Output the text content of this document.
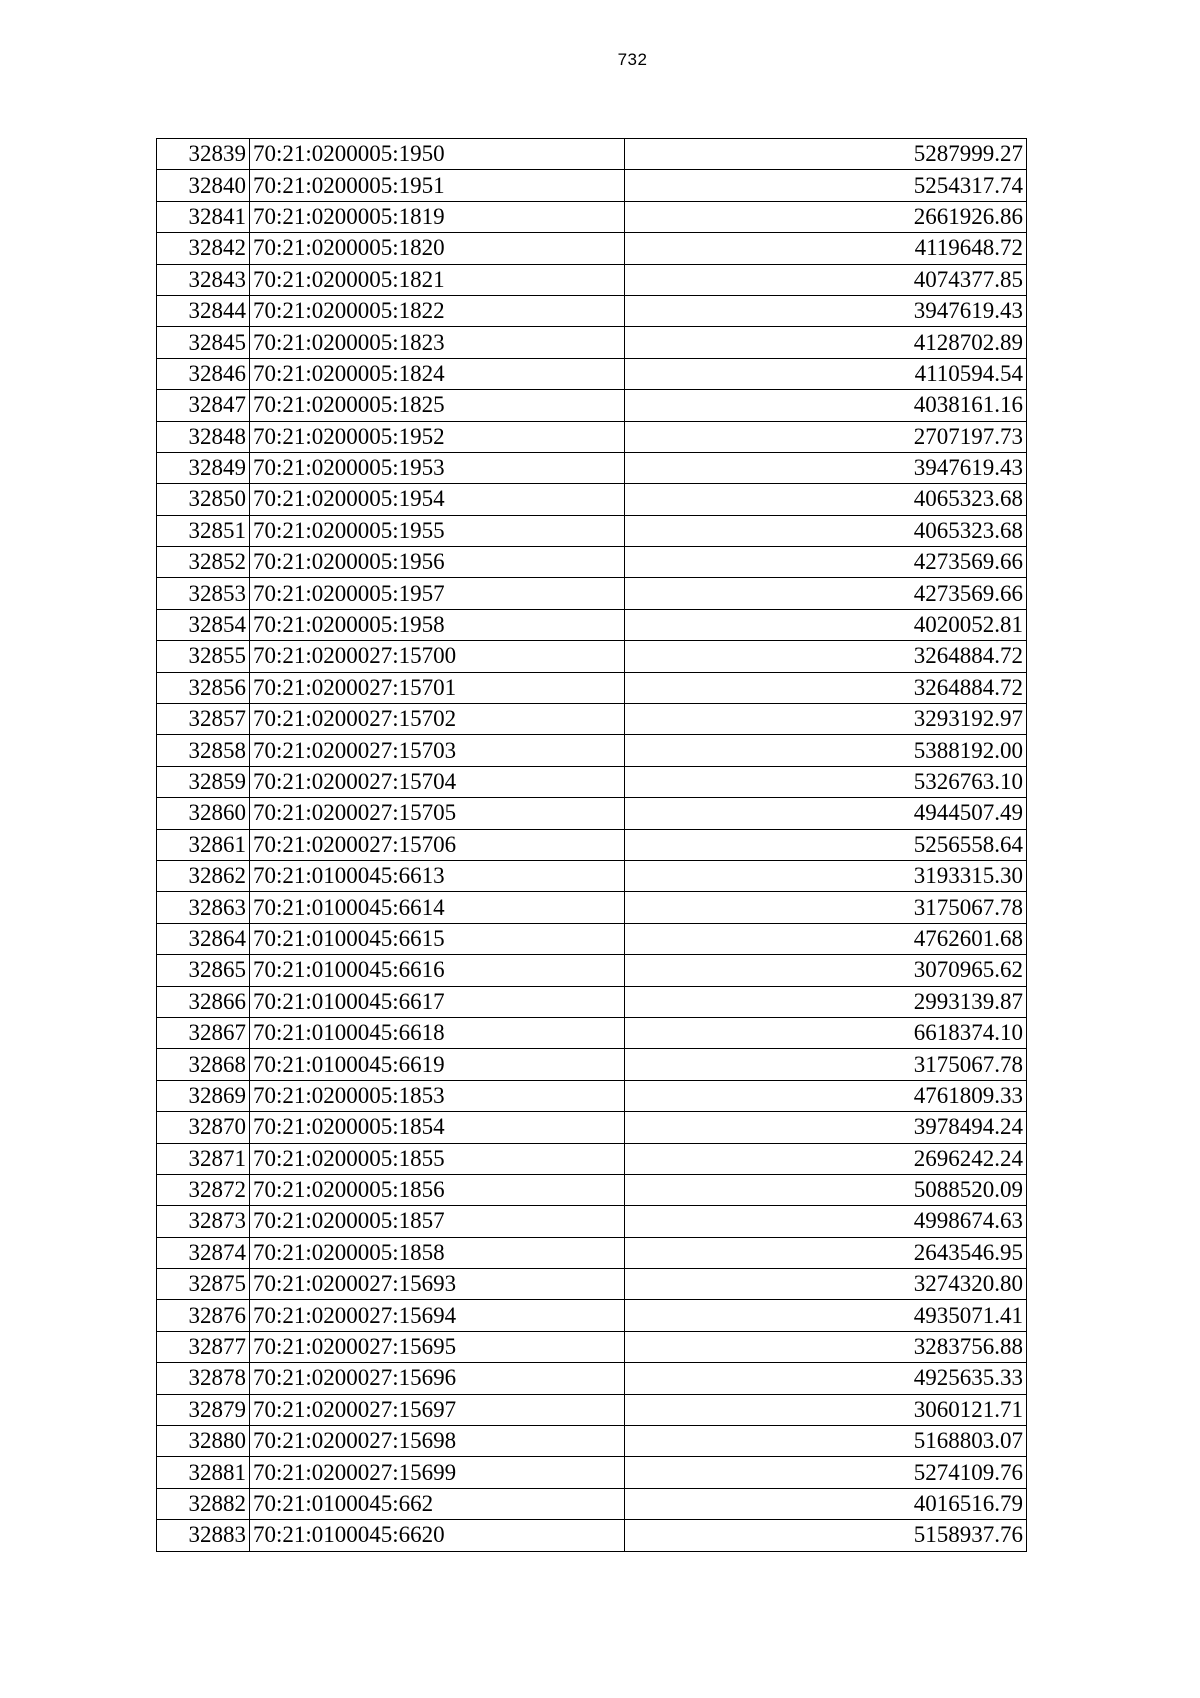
732
32839	70:21:0200005:1950	5287999.27
32840	70:21:0200005:1951	5254317.74
32841	70:21:0200005:1819	2661926.86
32842	70:21:0200005:1820	4119648.72
32843	70:21:0200005:1821	4074377.85
32844	70:21:0200005:1822	3947619.43
32845	70:21:0200005:1823	4128702.89
32846	70:21:0200005:1824	4110594.54
32847	70:21:0200005:1825	4038161.16
32848	70:21:0200005:1952	2707197.73
32849	70:21:0200005:1953	3947619.43
32850	70:21:0200005:1954	4065323.68
32851	70:21:0200005:1955	4065323.68
32852	70:21:0200005:1956	4273569.66
32853	70:21:0200005:1957	4273569.66
32854	70:21:0200005:1958	4020052.81
32855	70:21:0200027:15700	3264884.72
32856	70:21:0200027:15701	3264884.72
32857	70:21:0200027:15702	3293192.97
32858	70:21:0200027:15703	5388192.00
32859	70:21:0200027:15704	5326763.10
32860	70:21:0200027:15705	4944507.49
32861	70:21:0200027:15706	5256558.64
32862	70:21:0100045:6613	3193315.30
32863	70:21:0100045:6614	3175067.78
32864	70:21:0100045:6615	4762601.68
32865	70:21:0100045:6616	3070965.62
32866	70:21:0100045:6617	2993139.87
32867	70:21:0100045:6618	6618374.10
32868	70:21:0100045:6619	3175067.78
32869	70:21:0200005:1853	4761809.33
32870	70:21:0200005:1854	3978494.24
32871	70:21:0200005:1855	2696242.24
32872	70:21:0200005:1856	5088520.09
32873	70:21:0200005:1857	4998674.63
32874	70:21:0200005:1858	2643546.95
32875	70:21:0200027:15693	3274320.80
32876	70:21:0200027:15694	4935071.41
32877	70:21:0200027:15695	3283756.88
32878	70:21:0200027:15696	4925635.33
32879	70:21:0200027:15697	3060121.71
32880	70:21:0200027:15698	5168803.07
32881	70:21:0200027:15699	5274109.76
32882	70:21:0100045:662	4016516.79
32883	70:21:0100045:6620	5158937.76
